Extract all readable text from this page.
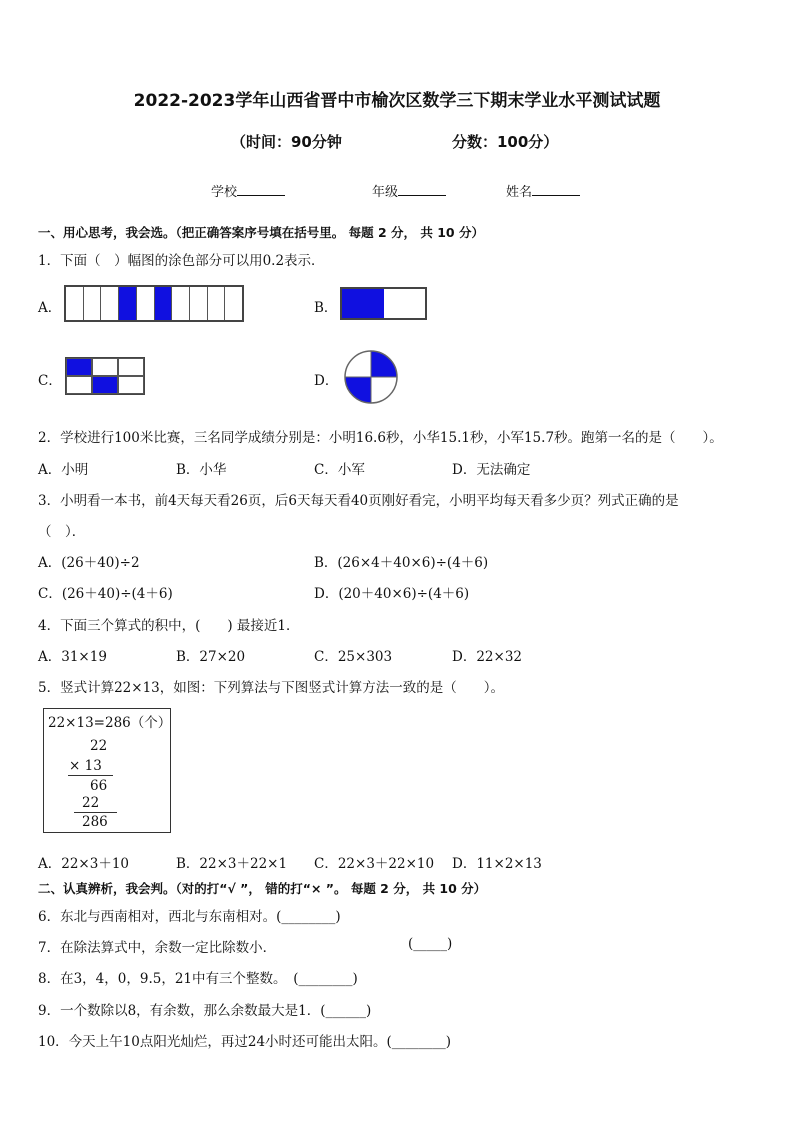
2022-2023学年山西省晋中市榆次区数学三下期末学业水平测试试题
（时间：90分钟	分数：100分）
学校	年级	姓名
一、用心思考，我会选。（把正确答案序号填在括号里。 每题 2 分， 共 10 分）
1．下面（　）幅图的涂色部分可以用0.2表示．
A．	B．
C．	D．
2．学校进行100米比赛，三名同学成绩分别是：小明16.6秒，小华15.1秒，小军15.7秒。跑第一名的是（　　）。
A．小明	B．小华	C．小军	D．无法确定
3．小明看一本书，前4天每天看26页，后6天每天看40页刚好看完，小明平均每天看多少页？列式正确的是
（　）．
A．(26＋40)÷2	B．(26×4＋40×6)÷(4＋6)
C．(26＋40)÷(4＋6)	D．(20＋40×6)÷(4＋6)
4．下面三个算式的积中，(　　) 最接近1．
A．31×19	B．27×20	C．25×303	D．22×32
5．竖式计算22×13，如图：下列算法与下图竖式计算方法一致的是（　　）。
22×13=286（个）
22
× 13
66
22
286
A．22×3＋10	B．22×3＋22×1 C．22×3＋22×10 D．11×2×13
二、认真辨析，我会判。（对的打“√ ”， 错的打“× ”。 每题 2 分， 共 10 分）
6．东北与西南相对，西北与东南相对。(________)
7．在除法算式中，余数一定比除数小．	(_____)
8．在3，4，0，9.5，21中有三个整数。　(________)
9．一个数除以8，有余数，那么余数最大是1．(______)
10．今天上午10点阳光灿烂，再过24小时还可能出太阳。(________)
